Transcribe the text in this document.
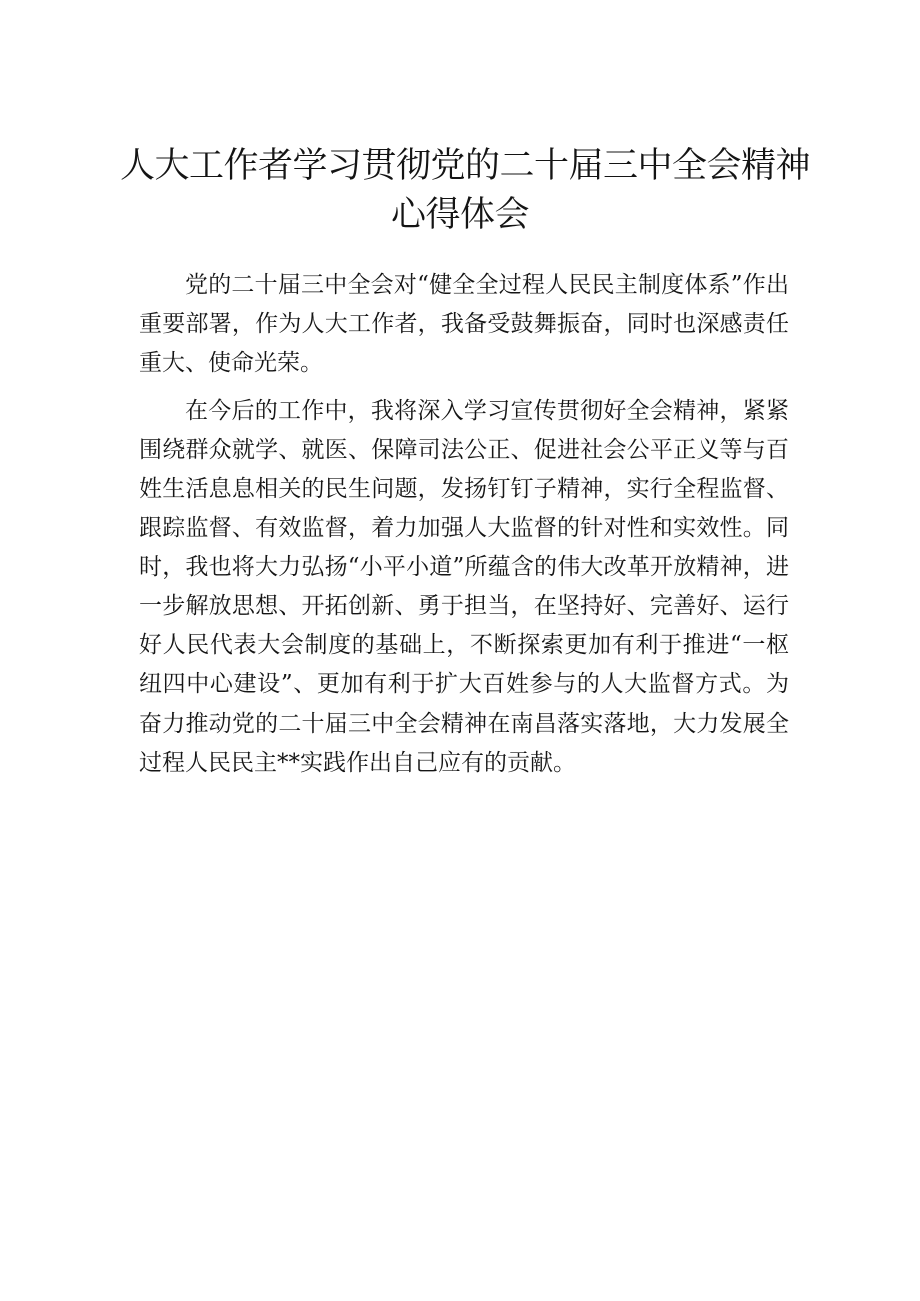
人大工作者学习贯彻党的二十届三中全会精神
心得体会

党的二十届三中全会对“健全全过程人民民主制度体系”作出重要部署，作为人大工作者，我备受鼓舞振奋，同时也深感责任重大、使命光荣。

在今后的工作中，我将深入学习宣传贯彻好全会精神，紧紧围绕群众就学、就医、保障司法公正、促进社会公平正义等与百姓生活息息相关的民生问题，发扬钉钉子精神，实行全程监督、跟踪监督、有效监督，着力加强人大监督的针对性和实效性。同时，我也将大力弘扬“小平小道”所蕴含的伟大改革开放精神，进一步解放思想、开拓创新、勇于担当，在坚持好、完善好、运行好人民代表大会制度的基础上，不断探索更加有利于推进“一枢纽四中心建设”、更加有利于扩大百姓参与的人大监督方式。为奋力推动党的二十届三中全会精神在南昌落实落地，大力发展全过程人民民主**实践作出自己应有的贡献。
